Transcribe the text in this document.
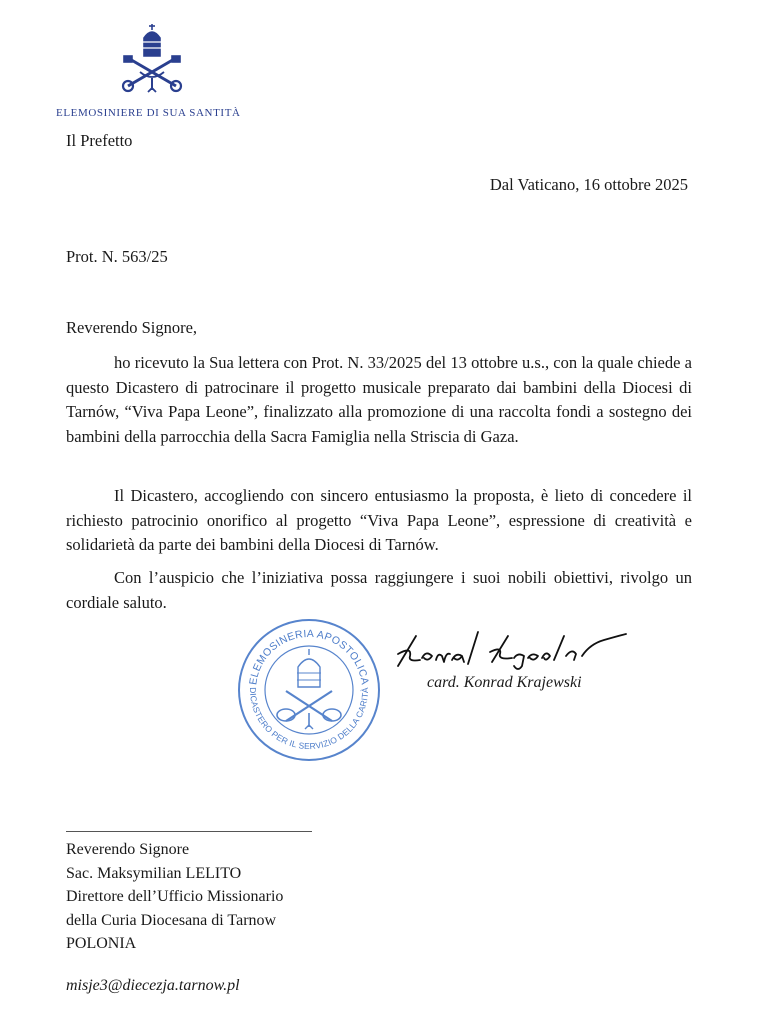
ELEMOSINIERE DI SUA SANTITÀ
Il Prefetto
Dal Vaticano, 16 ottobre 2025
Prot. N. 563/25
Reverendo Signore,

ho ricevuto la Sua lettera con Prot. N. 33/2025 del 13 ottobre u.s., con la quale chiede a questo Dicastero di patrocinare il progetto musicale preparato dai bambini della Diocesi di Tarnów, “Viva Papa Leone”, finalizzato alla promozione di una raccolta fondi a sostegno dei bambini della parrocchia della Sacra Famiglia nella Striscia di Gaza.

Il Dicastero, accogliendo con sincero entusiasmo la proposta, è lieto di concedere il richiesto patrocinio onorifico al progetto “Viva Papa Leone”, espressione di creatività e solidarietà da parte dei bambini della Diocesi di Tarnów.

Con l’auspicio che l’iniziativa possa raggiungere i suoi nobili obiettivi, rivolgo un cordiale saluto.

ELEMOSINERIA APOSTOLICA
DICASTERO PER IL SERVIZIO DELLA CARITÀ	card. Konrad Krajewski
Reverendo Signore
Sac. Maksymilian LELITO
Direttore dell’Ufficio Missionario
della Curia Diocesana di Tarnow
POLONIA
misje3@diecezja.tarnow.pl
